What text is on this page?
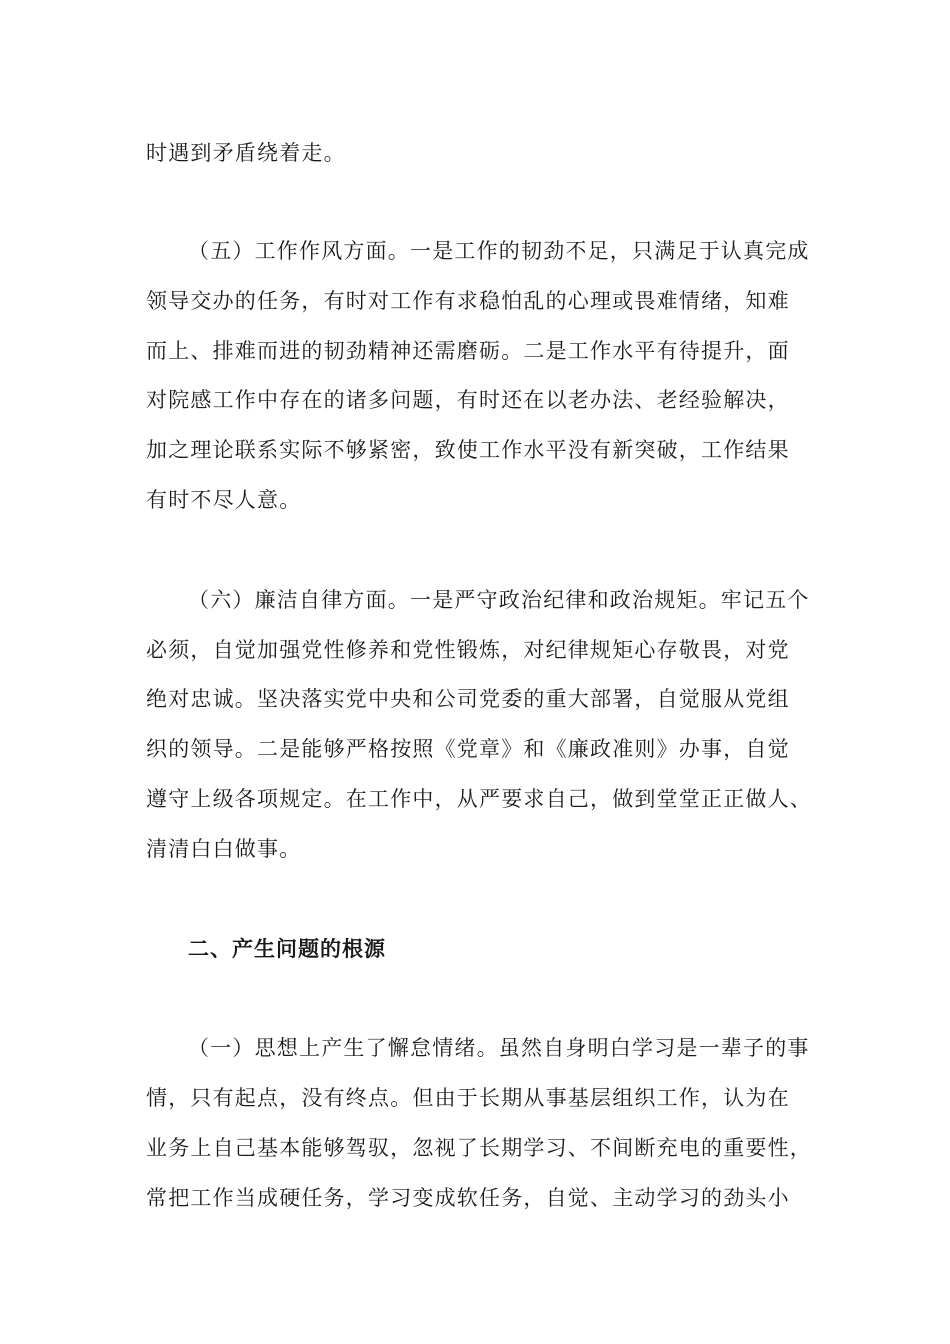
时遇到矛盾绕着走。
（五）工作作风方面。一是工作的韧劲不足，只满足于认真完成
领导交办的任务，有时对工作有求稳怕乱的心理或畏难情绪，知难
而上、排难而进的韧劲精神还需磨砺。二是工作水平有待提升，面
对院感工作中存在的诸多问题，有时还在以老办法、老经验解决，
加之理论联系实际不够紧密，致使工作水平没有新突破，工作结果
有时不尽人意。
（六）廉洁自律方面。一是严守政治纪律和政治规矩。牢记五个
必须，自觉加强党性修养和党性锻炼，对纪律规矩心存敬畏，对党
绝对忠诚。坚决落实党中央和公司党委的重大部署，自觉服从党组
织的领导。二是能够严格按照《党章》和《廉政准则》办事，自觉
遵守上级各项规定。在工作中，从严要求自己，做到堂堂正正做人、
清清白白做事。
二、产生问题的根源
（一）思想上产生了懈怠情绪。虽然自身明白学习是一辈子的事
情，只有起点，没有终点。但由于长期从事基层组织工作，认为在
业务上自己基本能够驾驭，忽视了长期学习、不间断充电的重要性，
常把工作当成硬任务，学习变成软任务，自觉、主动学习的劲头小
